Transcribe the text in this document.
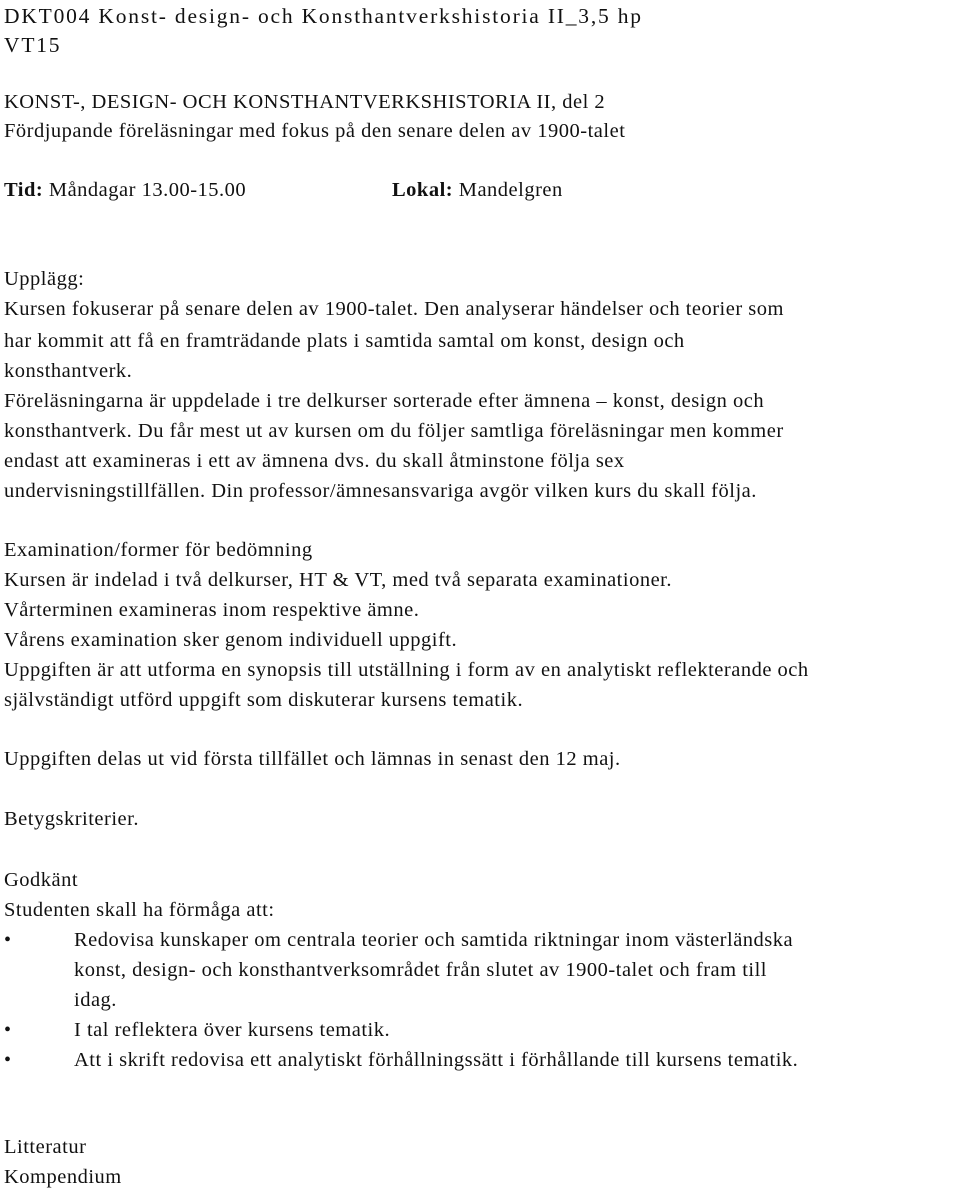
DKT004 Konst- design- och Konsthantverkshistoria II_3,5 hp
VT15
KONST-, DESIGN- OCH KONSTHANTVERKSHISTORIA II, del 2
Fördjupande föreläsningar med fokus på den senare delen av 1900-talet
Tid: Måndagar 13.00-15.00	Lokal: Mandelgren
Upplägg:
Kursen fokuserar på senare delen av 1900-talet. Den analyserar händelser och teorier som
har kommit att få en framträdande plats i samtida samtal om konst, design och
konsthantverk.
Föreläsningarna är uppdelade i tre delkurser sorterade efter ämnena – konst, design och
konsthantverk. Du får mest ut av kursen om du följer samtliga föreläsningar men kommer
endast att examineras i ett av ämnena dvs. du skall åtminstone följa sex
undervisningstillfällen. Din professor/ämnesansvariga avgör vilken kurs du skall följa.
Examination/former för bedömning
Kursen är indelad i två delkurser, HT & VT, med två separata examinationer.
Vårterminen examineras inom respektive ämne.
Vårens examination sker genom individuell uppgift.
Uppgiften är att utforma en synopsis till utställning i form av en analytiskt reflekterande och
självständigt utförd uppgift som diskuterar kursens tematik.
Uppgiften delas ut vid första tillfället och lämnas in senast den 12 maj.
Betygskriterier.
Godkänt
Studenten skall ha förmåga att:
•	Redovisa kunskaper om centrala teorier och samtida riktningar inom västerländska
konst, design- och konsthantverksområdet från slutet av 1900-talet och fram till
idag.
•	I tal reflektera över kursens tematik.
•	Att i skrift redovisa ett analytiskt förhållningssätt i förhållande till kursens tematik.
Litteratur
Kompendium
